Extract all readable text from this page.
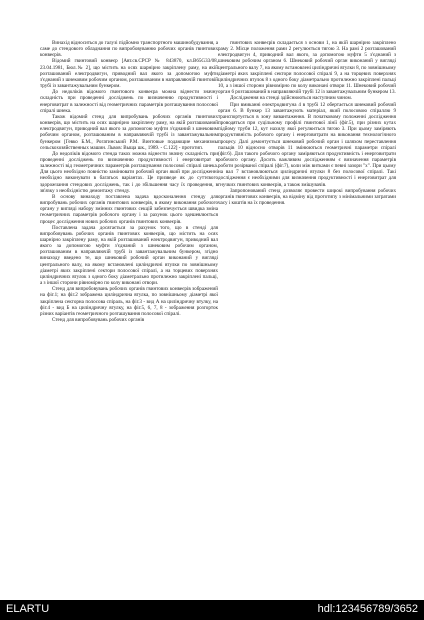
Винахід відноситься до галузі підйомно транспортного машинобудування, а саме до стендового обладнання по випробовуванню робочих органів гвинтових конвеєрів.

Відомий гвинтовий конвеєр [Авт.св.СРСР № 843870, кл.В65G33/08, 23.04.1981, Бюл.№ 2], що містить на осях шарнірно закріплену раму, на якій розташований електродвигун, приводний вал якого за допомогою муфти з'єднаний з шнековим робочим органом, розташованим в направляючій гвинтовій трубі із завантажувальним бункером.

До недоліків відомого гвинтового конвеєра можна віднести значну складність при проведенні досліджень по визначенню продуктивності і енерговитрат в залежності від геометричних параметрів розташування полосової спіралі шнека.

Також відомий стенд для випробувань робочих органів гвинтових конвеєрів, що містить на осях шарнірно закріплену раму, на якій розташований електродвигун, приводний вал якого за допомогою муфти з'єднаний з шнековим робочим органом, розташованим в направляючій трубі із завантажувальним бункером [Гевко Б.М., Рогатинський Р.М. Винтовые подающие механизмы сельскохозяйственных машин. Львов: Выща шк., 1989. - С.122] - прототип.

До недоліків відомого стенда такох можна віднести значну складність при проведенні досліджень по визначенню продуктивності і енерговитрат в залежності від геометричних параметрів розташування полосової спіралі шнека. Для цього необхідно повністю замінювати робочий орган який при дослідженні необхідно виконувати в багатьох варіантах. Це призведе як до суттєвого здорожчання стендових досліджень, так і до збільшення часу їх проведення, в зв'язку з необхідністю демонтажу стенду.

В основу винаходу поставлена задача вдосконалення стенду для випробувань робочих органів гвинтових конвеєрів, в якому виконання робочого органу у вигляді набору змінних гвинтових секцій забезпечується швидка зміна геометричних параметрів робочого органу і за рахунок цього здешевлюється процес дослідження нових робочих органів гвинтових конвеєрів.

Поставлена задача досягається за рахунок того, що в стенді для випробовувань робочих органів гвинтових конвеєрів, що містить на осях шарнірно закріплену раму, на якій розташований електродвигун, приводний вал якого за допомогою муфти з'єднаний з шнековим робочим органом, розташованим в направляючій трубі із завантажувальним бункером, згідно винаходу введено те, що шнековий робочий орган виконаний у вигляді центрального валу, на якому встановлені циліндричні втулки по зовнішньому діаметрі яких закріплені сектори полосової спіралі, а на торцевих поверхнях циліндричних втулок з одного боку діаметрально протилежно закріплені пальці, а з іншої сторони рівномірно по колу виконані отвори.

Стенд для випробовувань робочих органів гвинтових конвеєрів зображений на фіг.1; на фіг.2 зображена циліндрична втулка, по зовнішньому діаметрі якої закріплена секторна полосова спіраль, на фіг.3 - вид А на циліндричну втулку, на фіг.4 - вид Б на циліндричну втулку, на фіг.5, 6, 7, 8 - зображення розгорток різних варіантів геометричного розташування полосової спіралі.

Стенд для випробовувань робочих органів

гвинтових конвеєрів складається з основи 1, на якій шарнірно закріплено раму 2. Місце положення рами 2 регулюється тягою 3. На рамі 2 розташований електродвигун 4, приводний вал якого, за допомогою муфти 5 з'єднаний з шнековим робочим органом 6. Шнековий робочий орган виконаний у вигляді центрального валу 7, на якому встановлені циліндричні втулки 8, по зовнішньому діаметрі яких закріплені сектори полосової спіралі 9, а на торцевих поверхнях циліндричних втулок 8 з одного боку діаметрально протилежно закріплені пальці 10, а з іншої сторони рівномірно по колу виконані отвори 11. Шнековий робочий орган 6 розташований в направляючій трубі 12 із завантажувальним бункером 13.

Дослідження на стенді здійснюються наступним чином.

При вмиканні електродвигуна 4 в трубі 12 обертається шнековий робочий орган 6. В бункер 13 завантажують матеріал, який полосовою спіраллю 9 транспортується в зону вивантаження. В початковому положенні дослідження проводяться при суцільному профілі гвинтової лінії (фіг.5), при різних кутах підйому труби 12, кут нахилу якої регулюється тягою 3. При цьому заміряють продуктивність робочого органу і енерговитрати на виконання технологічного процесу. Далі демонтується шнековий робочий орган і шляхом переставлення пальців 10 відносно отворів 11 змінюються геометричні параметри спіралі (фіг.6). Для такого робочого органу заміряються продуктивність і енерговитрати робочого органу. Досить важливим дослідженням є визначення параметрів роботи розірваної спіралі (фіг.7), коли між витками є певні зазори "х". При цьому на вал 7 встановлюються циліндричні втулки 8 без полосової спіралі. Такі дослідження є необхідними для визначення продуктивності і енерговитрат для гнучких гвинтових конвеєрів, а також змішувачів.

Запропонований стенд дозволяє провести широкі випробування робочих органів гвинтових конвеєрів, на відміну від прототипу з мінімальними затратами часу і коштів на їх проведення.

ELARTU	hdl:123456789/3652
